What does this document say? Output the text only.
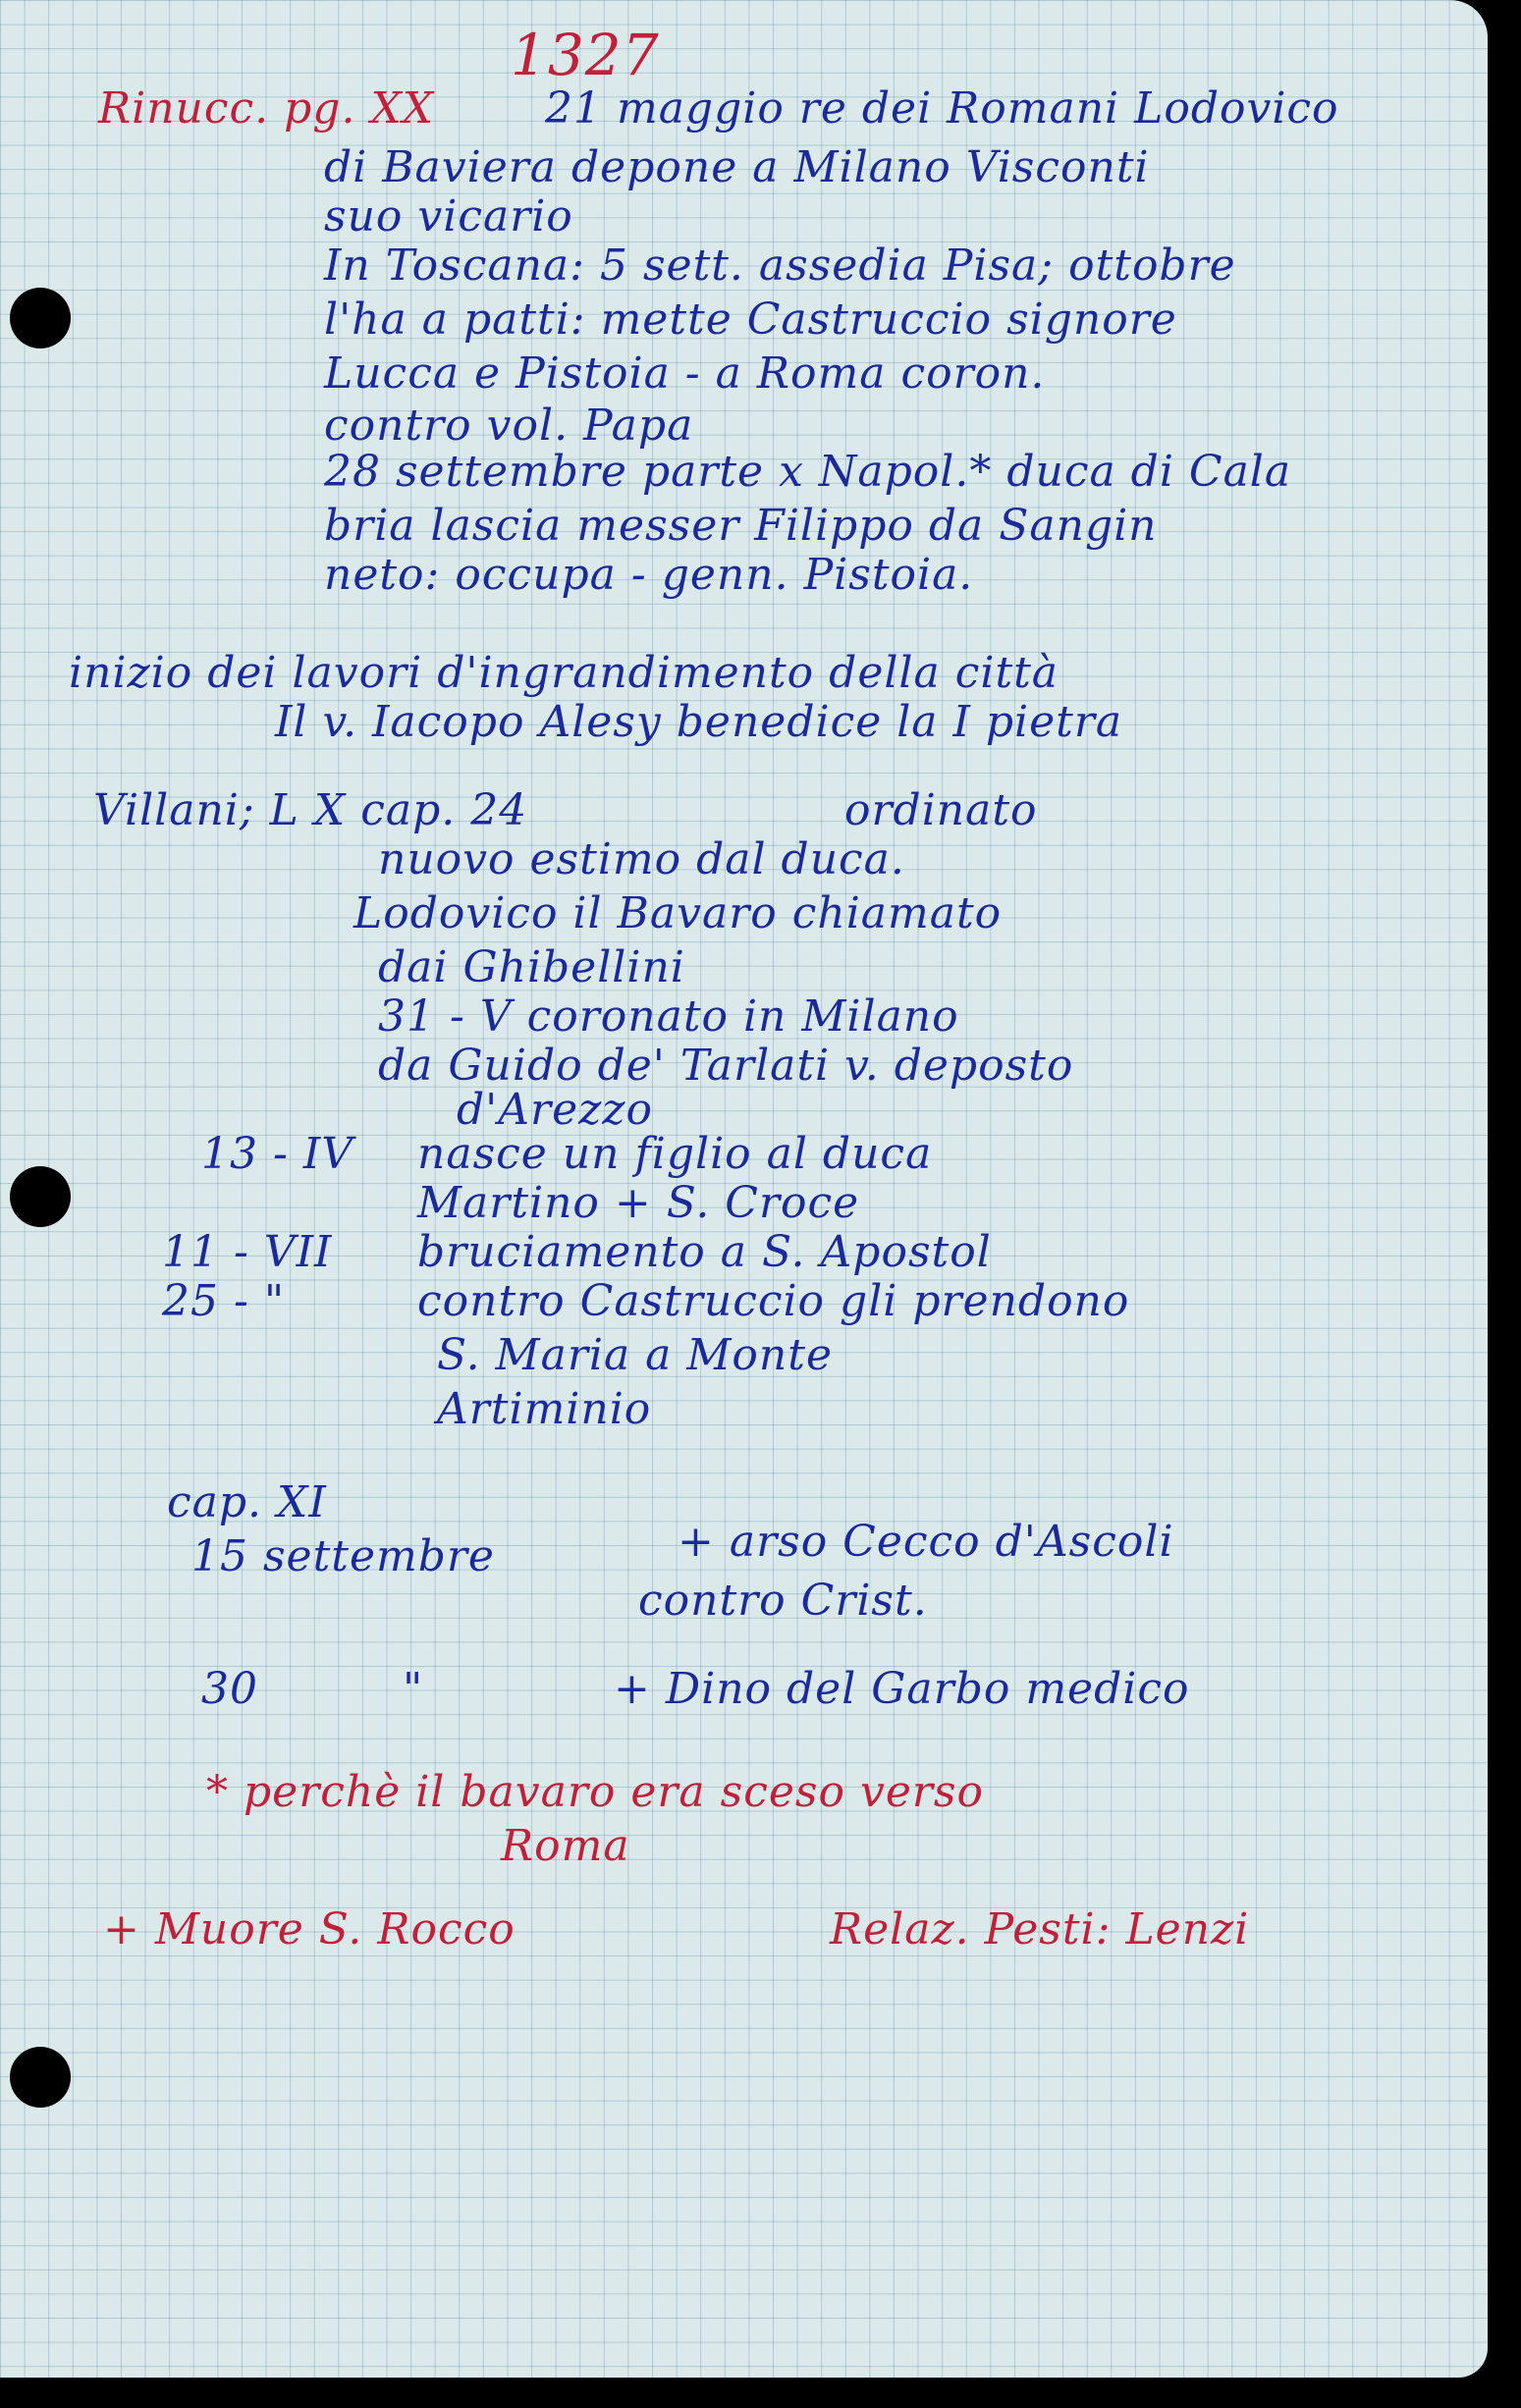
1327
Rinucc. pg. XX	21 maggio re dei Romani Lodovico
di Baviera depone a Milano Visconti
suo vicario
In Toscana: 5 sett. assedia Pisa; ottobre
l'ha a patti: mette Castruccio signore
Lucca e Pistoia - a Roma coron.
contro vol. Papa
28 settembre parte x Napol.* duca di Cala
bria lascia messer Filippo da Sangin
neto: occupa - genn. Pistoia.
inizio dei lavori d'ingrandimento della città
Il v. Iacopo Alesy benedice la I pietra
Villani; L X cap. 24	ordinato
nuovo estimo dal duca.
Lodovico il Bavaro chiamato
dai Ghibellini
31 - V coronato in Milano
da Guido de' Tarlati v. deposto
d'Arezzo
13 - IV nasce un figlio al duca
Martino + S. Croce
11 - VII bruciamento a S. Apostol
25 - "	contro Castruccio gli prendono
S. Maria a Monte
Artiminio
cap. XI
15 settembre	+ arso Cecco d'Ascoli
contro Crist.
30	"	+ Dino del Garbo medico
* perchè il bavaro era sceso verso
Roma
+ Muore S. Rocco	Relaz. Pesti: Lenzi
